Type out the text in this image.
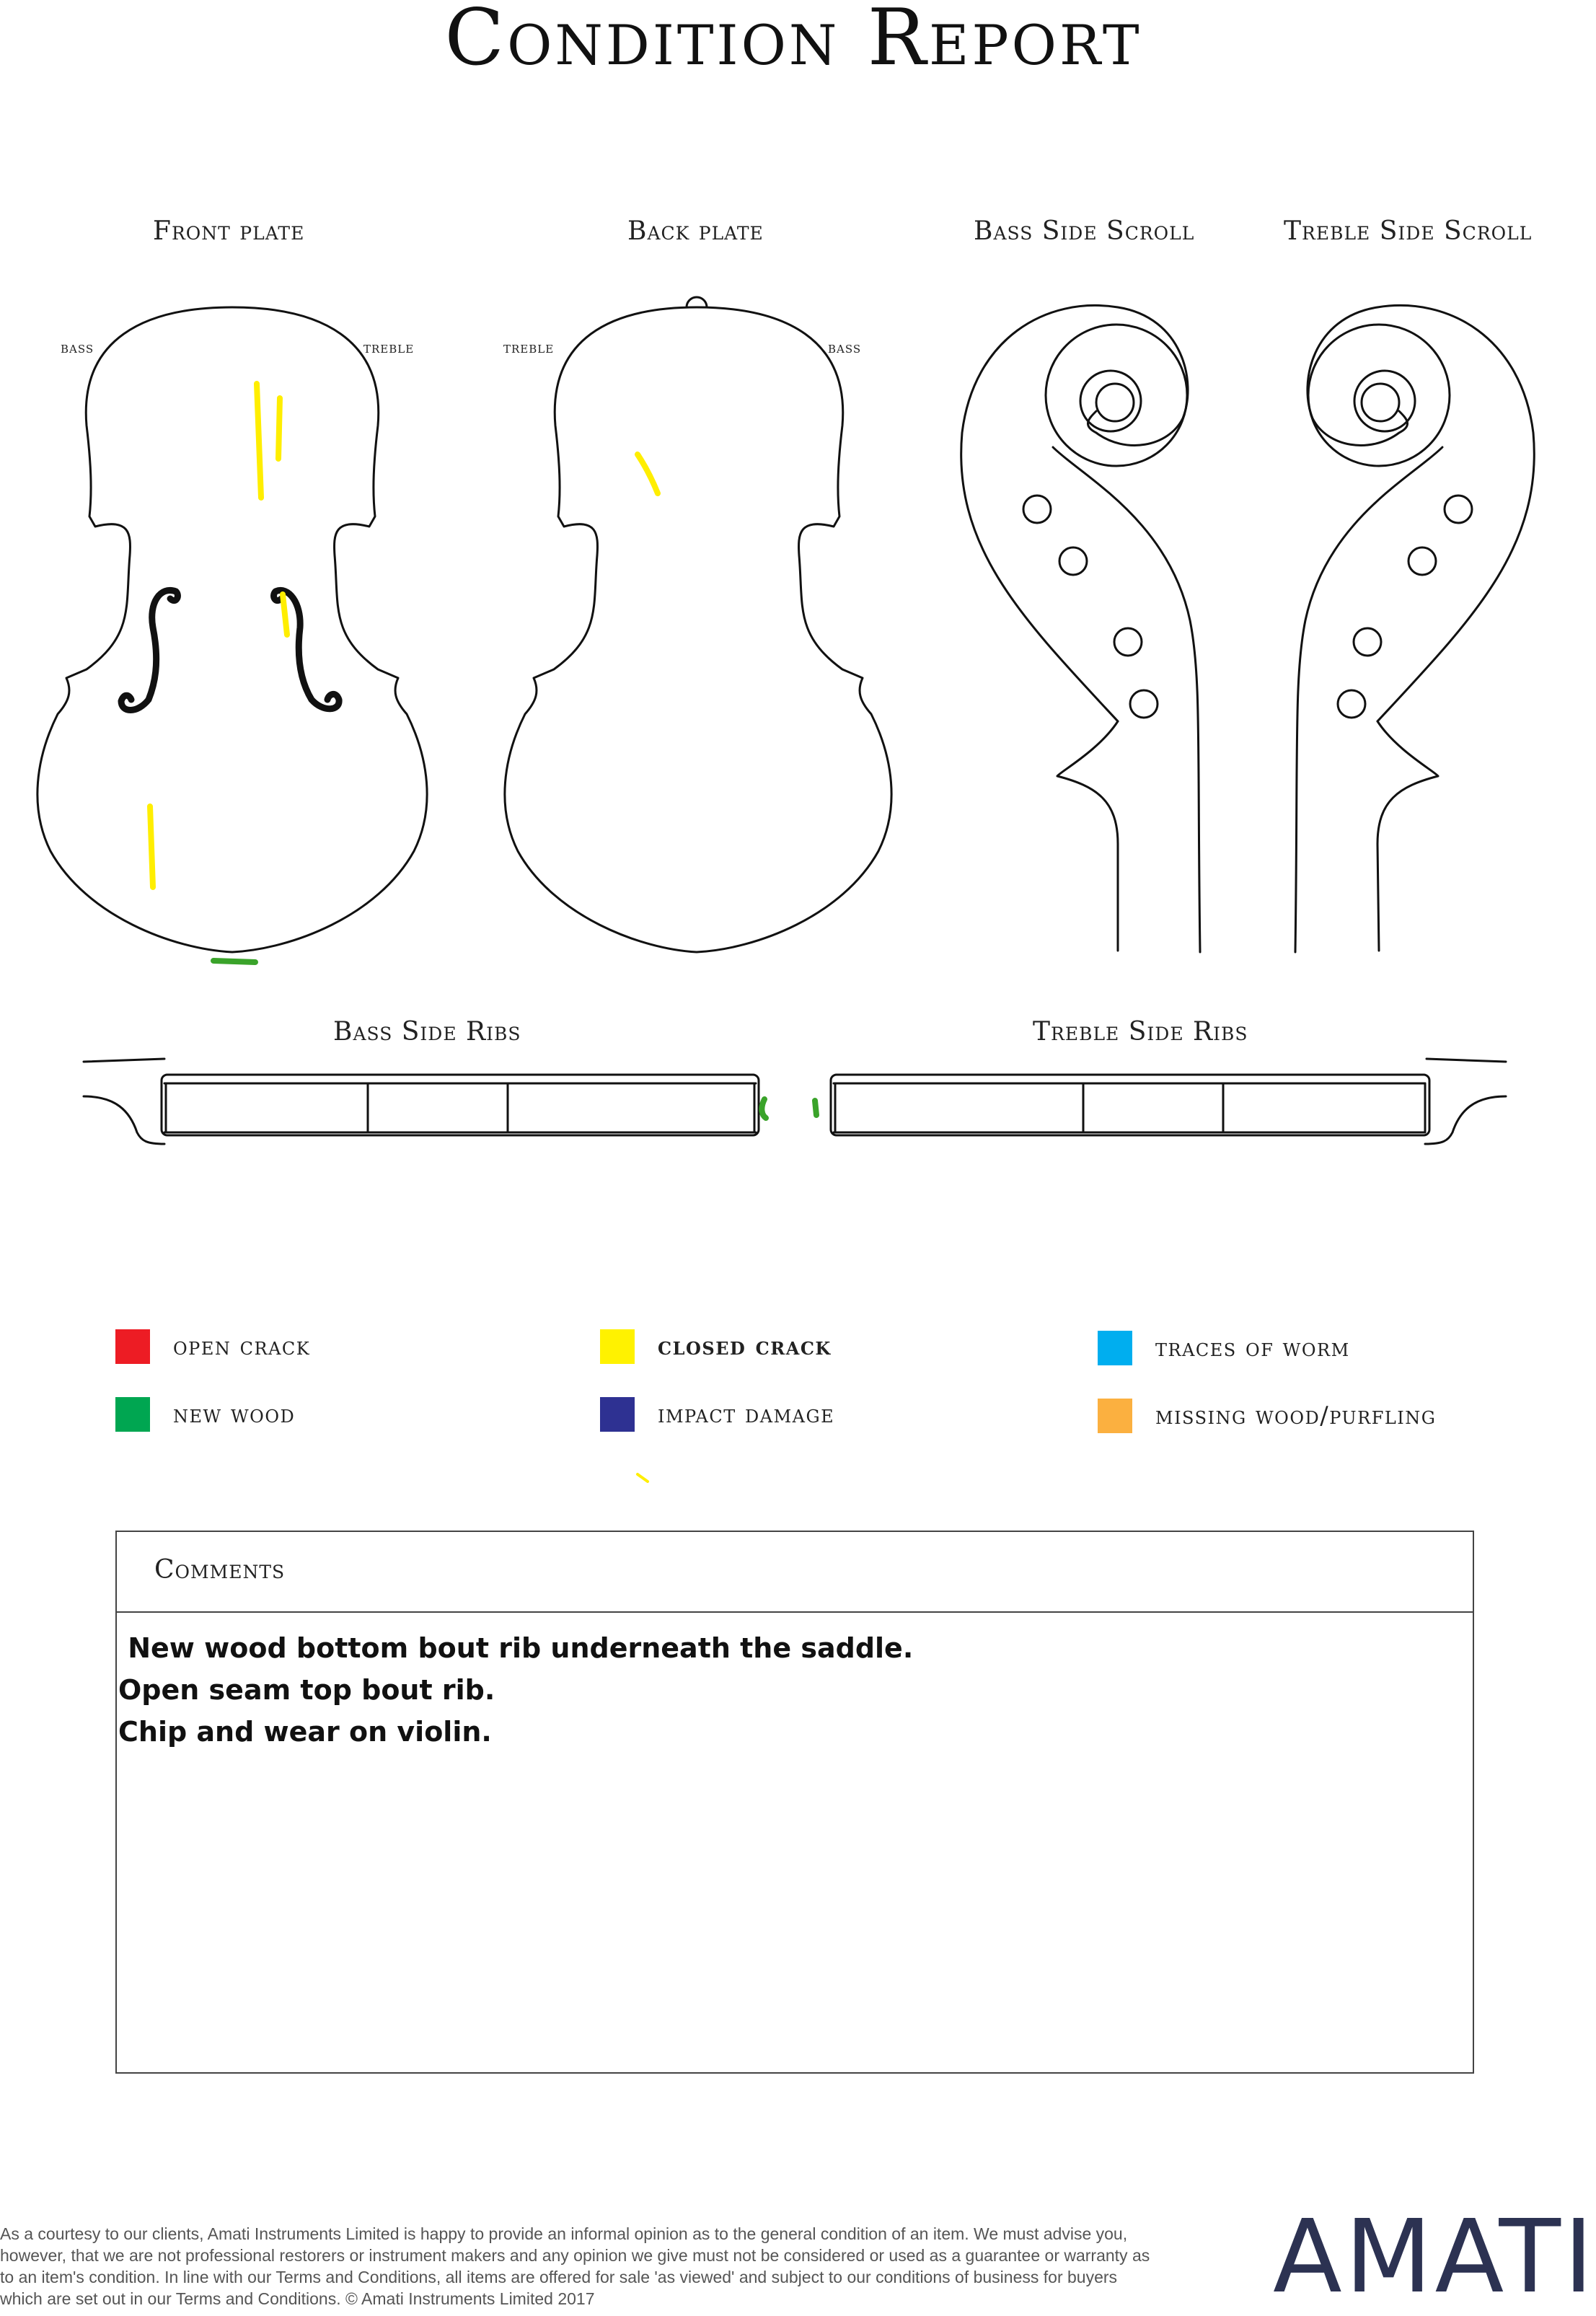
Condition Report
Front plate	Back plate	Bass Side Scroll	Treble Side Scroll
bass	treble	treble	bass
Bass Side Ribs	Treble Side Ribs
open crack	closed crack	traces of worm
new wood	impact damage	missing wood/purfling
Comments
New wood bottom bout rib underneath the saddle.
Open seam top bout rib.
Chip and wear on violin.
As a courtesy to our clients, Amati Instruments Limited is happy to provide an informal opinion as to the general condition of an item. We must advise you, however, that we are not professional restorers or instrument makers and any opinion we give must not be considered or used as a guarantee or warranty as to an item's condition. In line with our Terms and Conditions, all items are offered for sale 'as viewed' and subject to our conditions of business for buyers which are set out in our Terms and Conditions. © Amati Instruments Limited 2017	AMATI
